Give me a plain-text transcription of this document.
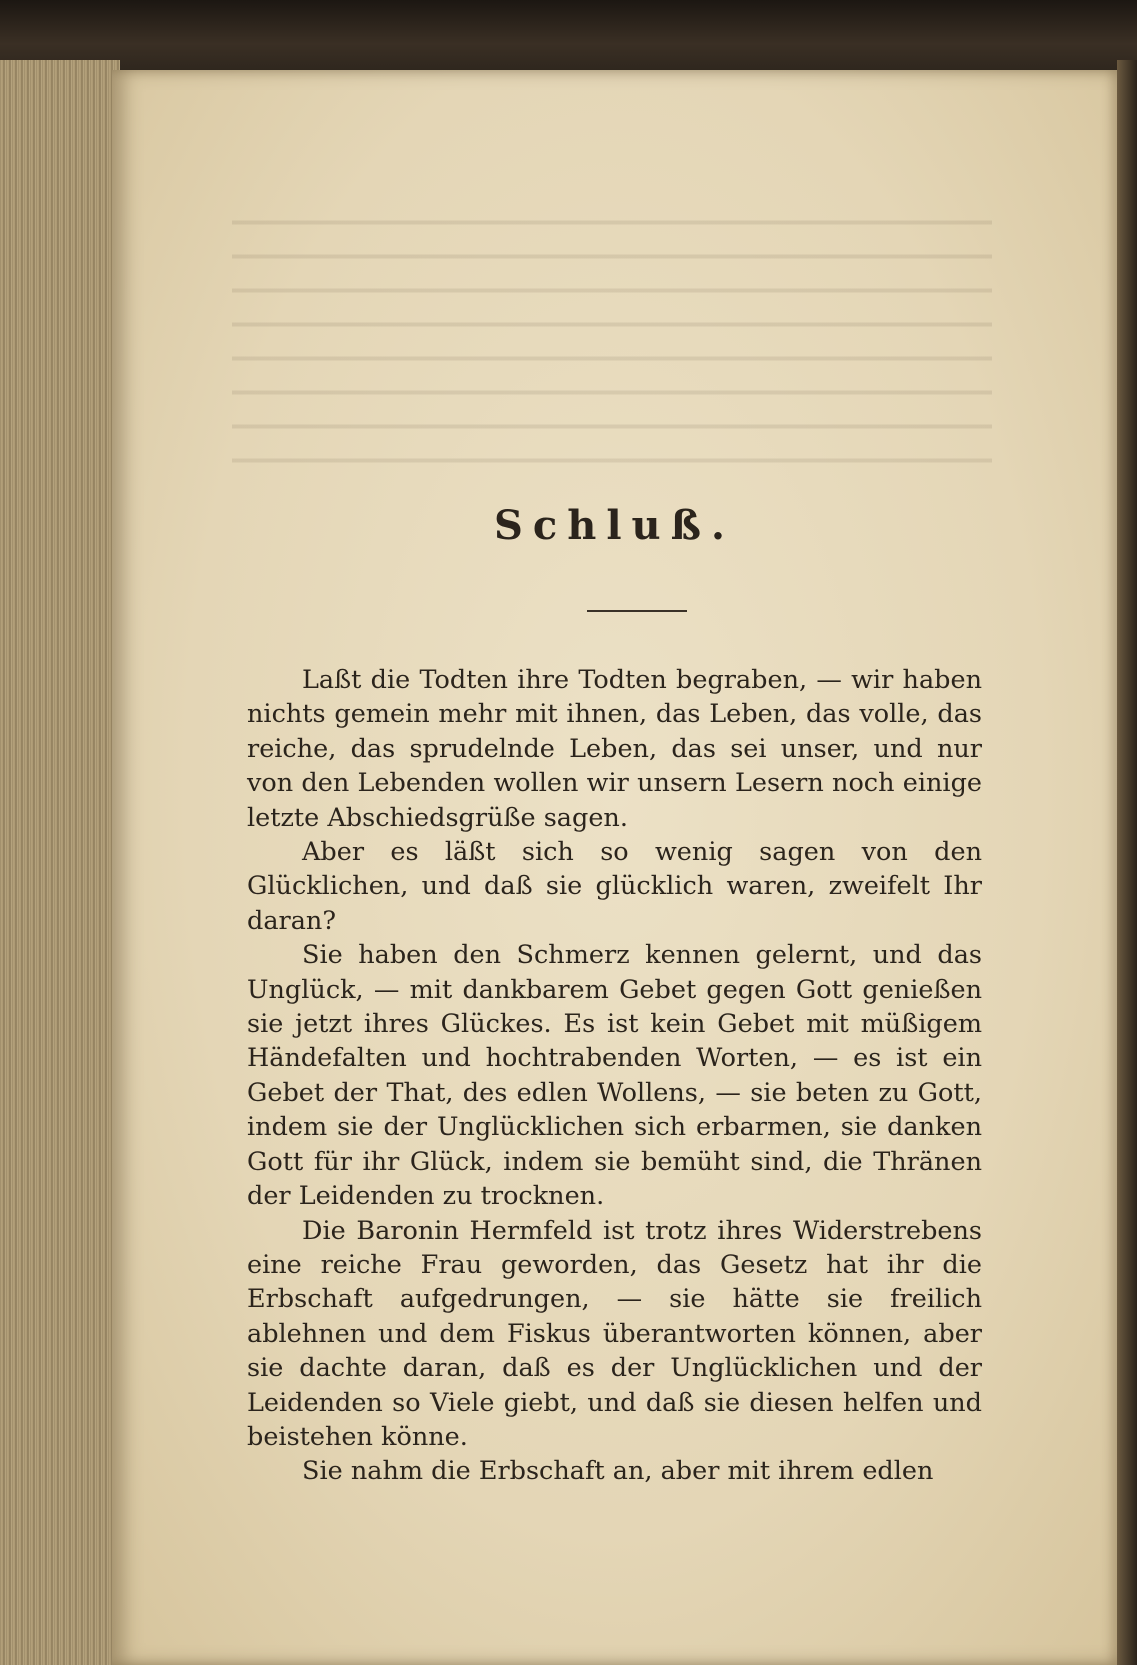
Schluß.

Laßt die Todten ihre Todten begraben, — wir haben nichts gemein mehr mit ihnen, das Leben, das volle, das reiche, das sprudelnde Leben, das sei unser, und nur von den Lebenden wollen wir unsern Lesern noch einige letzte Abschiedsgrüße sagen.

Aber es läßt sich so wenig sagen von den Glücklichen, und daß sie glücklich waren, zweifelt Ihr daran?

Sie haben den Schmerz kennen gelernt, und das Unglück, — mit dankbarem Gebet gegen Gott genießen sie jetzt ihres Glückes. Es ist kein Gebet mit müßigem Händefalten und hochtrabenden Worten, — es ist ein Gebet der That, des edlen Wollens, — sie beten zu Gott, indem sie der Unglücklichen sich erbarmen, sie danken Gott für ihr Glück, indem sie bemüht sind, die Thränen der Leidenden zu trocknen.

Die Baronin Hermfeld ist trotz ihres Widerstrebens eine reiche Frau geworden, das Gesetz hat ihr die Erbschaft aufgedrungen, — sie hätte sie freilich ablehnen und dem Fiskus überantworten können, aber sie dachte daran, daß es der Unglücklichen und der Leidenden so Viele giebt, und daß sie diesen helfen und beistehen könne.

Sie nahm die Erbschaft an, aber mit ihrem edlen
